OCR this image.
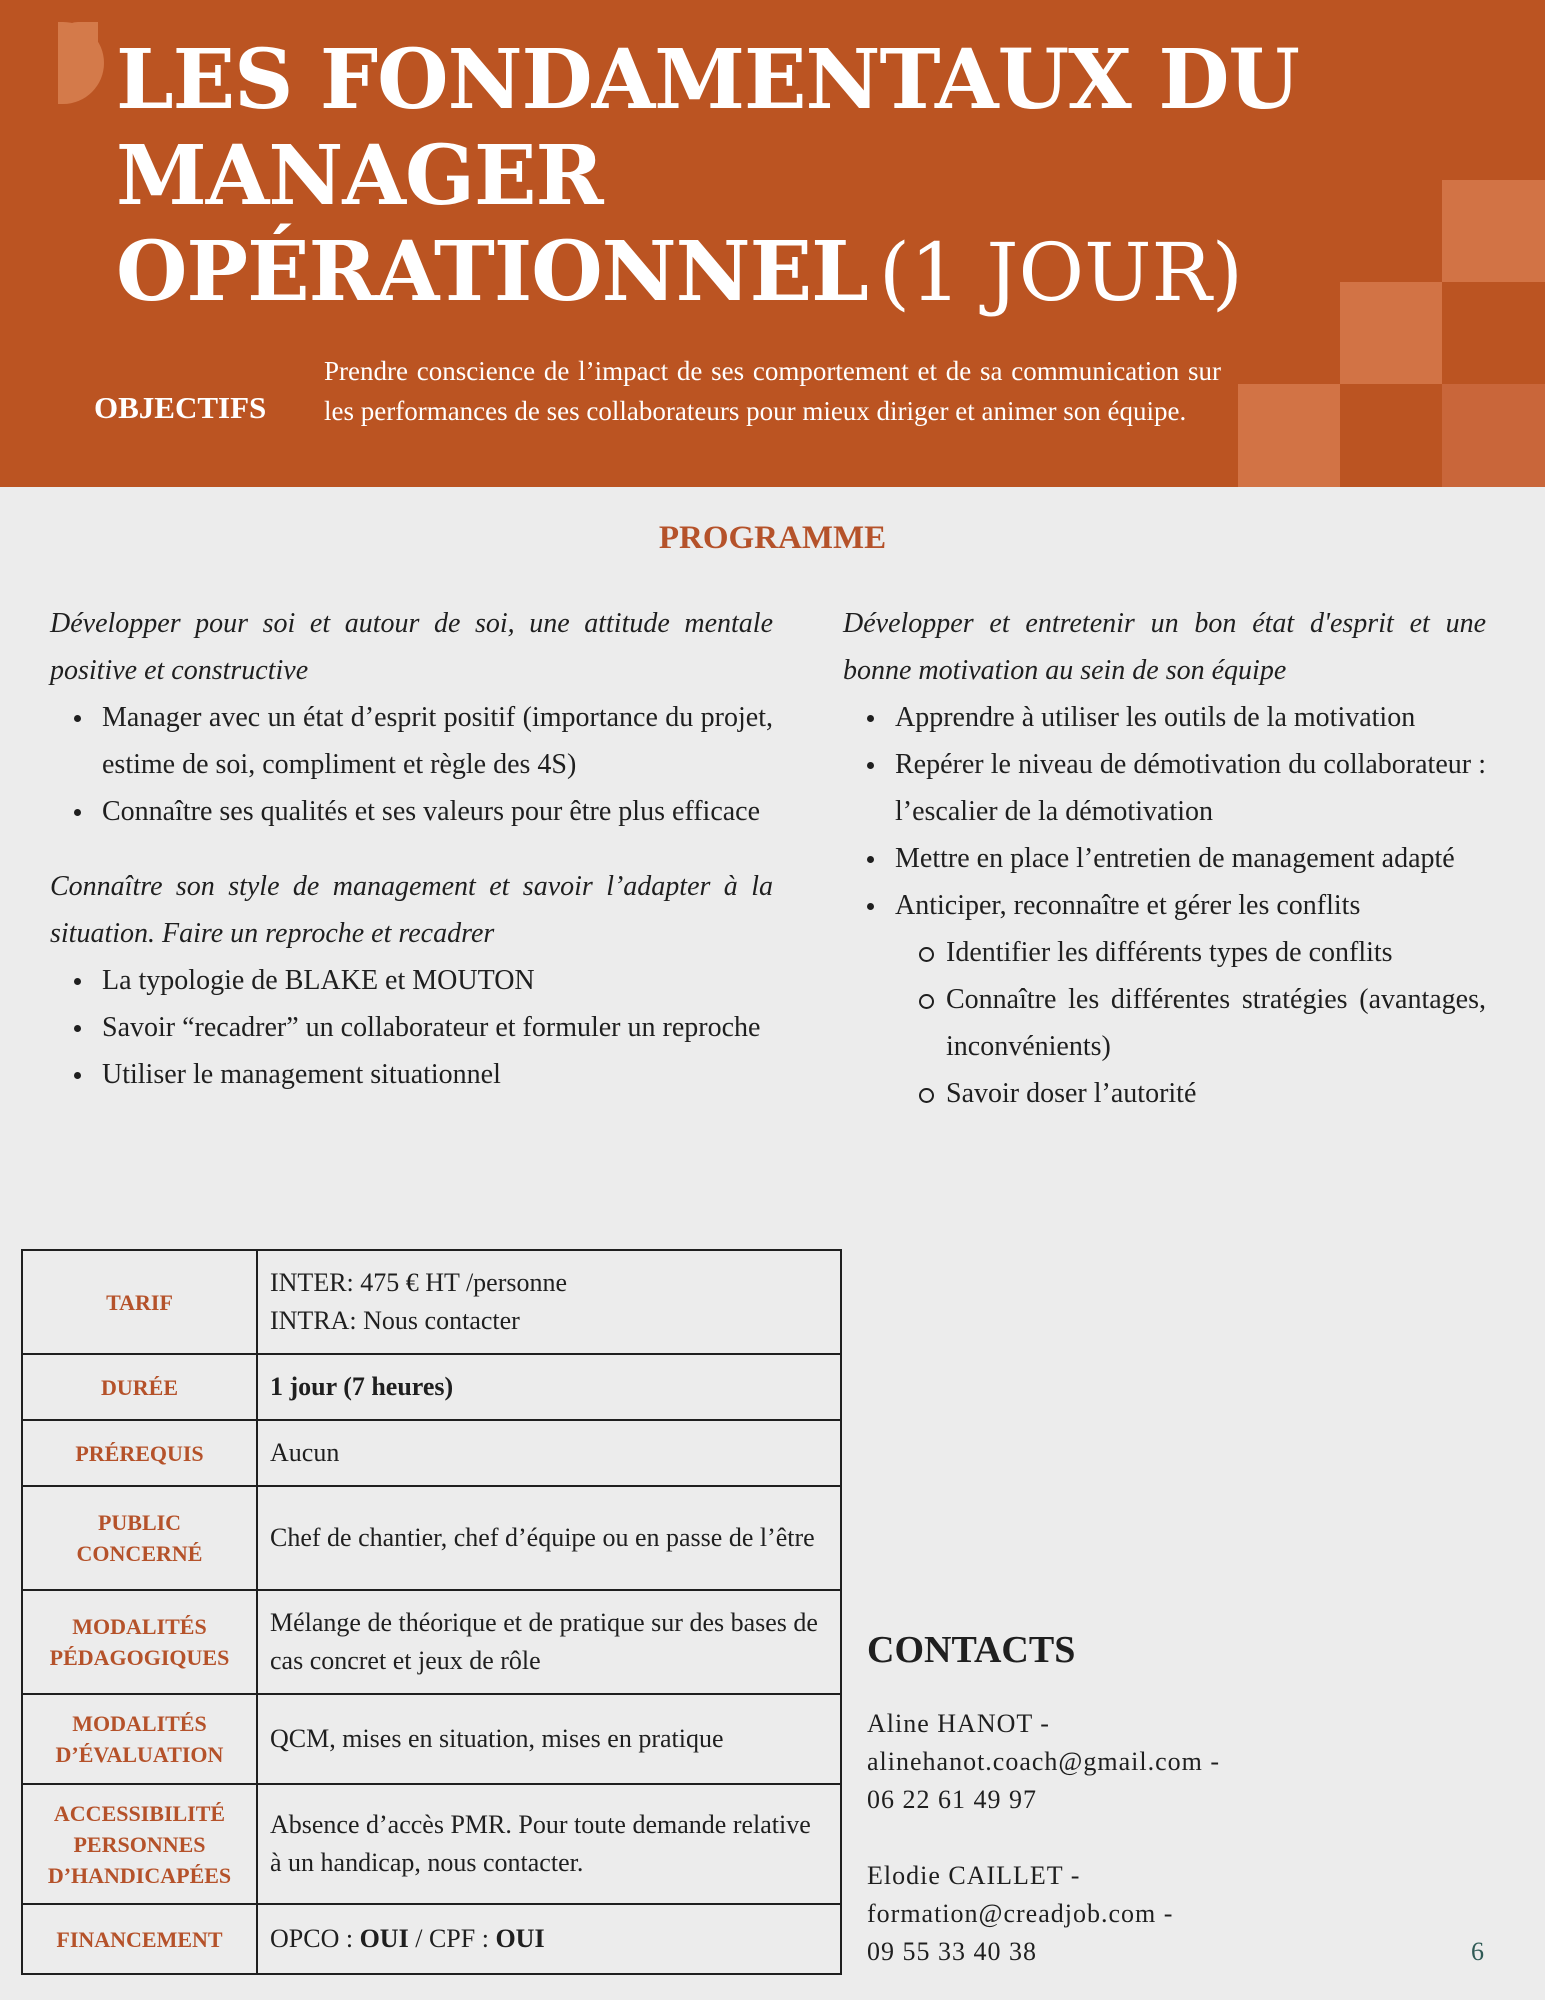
LES FONDAMENTAUX DU
MANAGER
OPÉRATIONNEL (1 JOUR)
OBJECTIFS
Prendre conscience de l’impact de ses comportement et de sa communication sur les performances de ses collaborateurs pour mieux diriger et animer son équipe.
PROGRAMME
Développer pour soi et autour de soi, une attitude mentale positive et constructive
Manager avec un état d’esprit positif (importance du projet, estime de soi, compliment et règle des 4S)
Connaître ses qualités et ses valeurs pour être plus efficace
Connaître son style de management et savoir l’adapter à la situation. Faire un reproche et recadrer
La typologie de BLAKE et MOUTON
Savoir “recadrer” un collaborateur et formuler un reproche
Utiliser le management situationnel
Développer et entretenir un bon état d'esprit et une bonne motivation au sein de son équipe
Apprendre à utiliser les outils de la motivation
Repérer le niveau de démotivation du collaborateur : l’escalier de la démotivation
Mettre en place l’entretien de management adapté
Anticiper, reconnaître et gérer les conflits
Identifier les différents types de conflits
Connaître les différentes stratégies (avantages, inconvénients)
Savoir doser l’autorité
TARIF	INTER: 475 € HT /personne
INTRA: Nous contacter

DURÉE	1 jour (7 heures)
PRÉREQUIS	Aucun

PUBLIC
CONCERNÉ	Chef de chantier, chef d’équipe ou en passe de l’être

MODALITÉS
PÉDAGOGIQUES	Mélange de théorique et de pratique sur des bases de cas concret et jeux de rôle

MODALITÉS
D’ÉVALUATION	QCM, mises en situation, mises en pratique

ACCESSIBILITÉ
PERSONNES
D’HANDICAPÉES	Absence d’accès PMR. Pour toute demande relative à un handicap, nous contacter.
FINANCEMENT	OPCO : OUI / CPF : OUI
CONTACTS
Aline HANOT -
alinehanot.coach@gmail.com -
06 22 61 49 97
Elodie CAILLET -
formation@creadjob.com -
09 55 33 40 38	6
